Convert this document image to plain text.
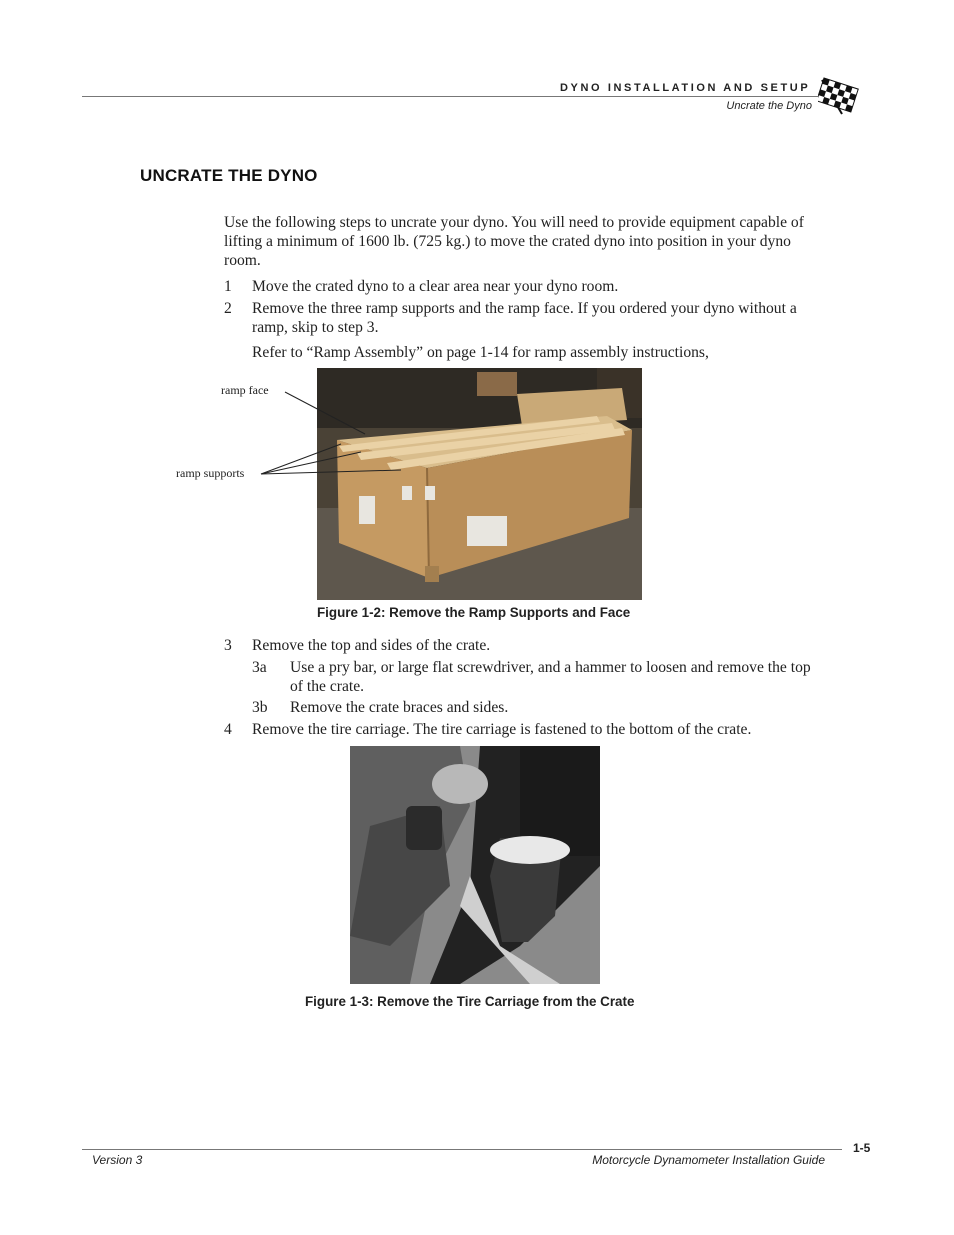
DYNO INSTALLATION AND SETUP
Uncrate the Dyno
UNCRATE THE DYNO
Use the following steps to uncrate your dyno. You will need to provide equipment capable of lifting a minimum of 1600 lb. (725 kg.) to move the crated dyno into position in your dyno room.
1	Move the crated dyno to a clear area near your dyno room.
2	Remove the three ramp supports and the ramp face. If you ordered your dyno without a ramp, skip to step 3.
Refer to “Ramp Assembly” on page 1-14 for ramp assembly instructions,
ramp face
ramp supports
Figure 1-2: Remove the Ramp Supports and Face
3	Remove the top and sides of the crate.
3a	Use a pry bar, or large flat screwdriver, and a hammer to loosen and remove the top of the crate.
3b	Remove the crate braces and sides.
4	Remove the tire carriage. The tire carriage is fastened to the bottom of the crate.
Figure 1-3: Remove the Tire Carriage from the Crate
1-5
Version 3	Motorcycle Dynamometer Installation Guide
